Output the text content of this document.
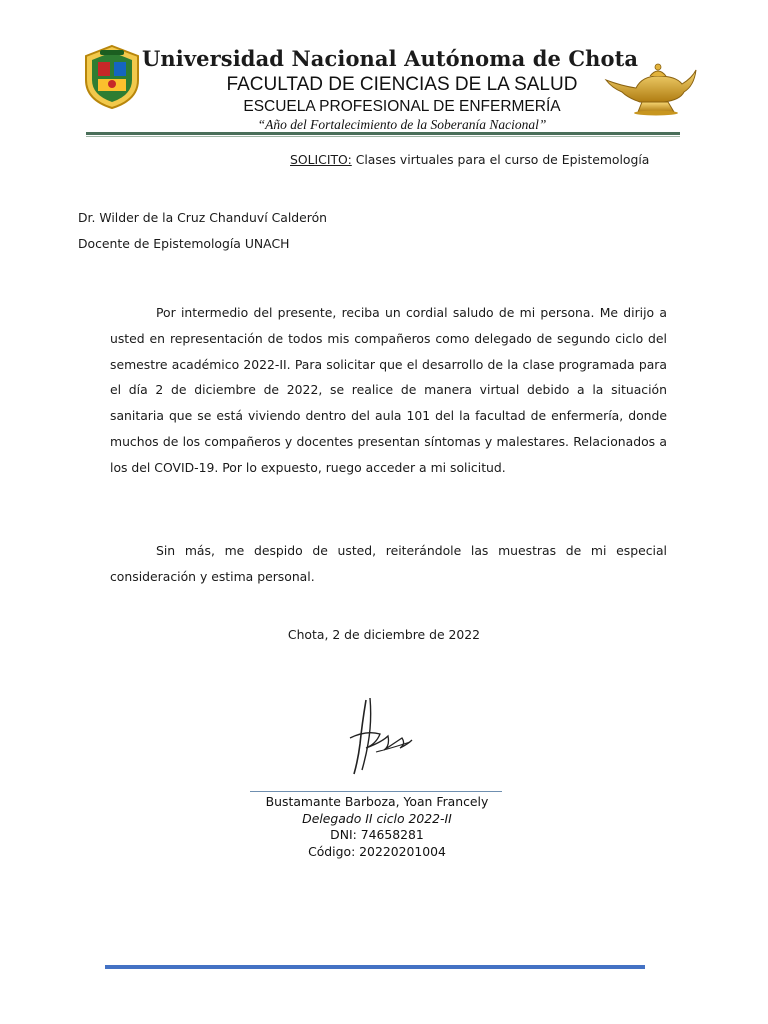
Universidad Nacional Autónoma de Chota
FACULTAD DE CIENCIAS DE LA SALUD
ESCUELA PROFESIONAL DE ENFERMERÍA
“Año del Fortalecimiento de la Soberanía Nacional”
SOLICITO: Clases virtuales para el curso de Epistemología
Dr. Wilder de la Cruz Chanduví Calderón
Docente de Epistemología UNACH
Por intermedio del presente, reciba un cordial saludo de mi persona. Me dirijo a usted en representación de todos mis compañeros como delegado de segundo ciclo del semestre académico 2022-II. Para solicitar que el desarrollo de la clase programada para el día 2 de diciembre de 2022, se realice de manera virtual debido a la situación sanitaria que se está viviendo dentro del aula 101 del la facultad de enfermería, donde muchos de los compañeros y docentes presentan síntomas y malestares. Relacionados a los del COVID-19. Por lo expuesto, ruego acceder a mi solicitud.
Sin más, me despido de usted, reiterándole las muestras de mi especial consideración y estima personal.
Chota, 2 de diciembre de 2022
Bustamante Barboza, Yoan Francely
Delegado II ciclo 2022-II
DNI: 74658281
Código: 20220201004
